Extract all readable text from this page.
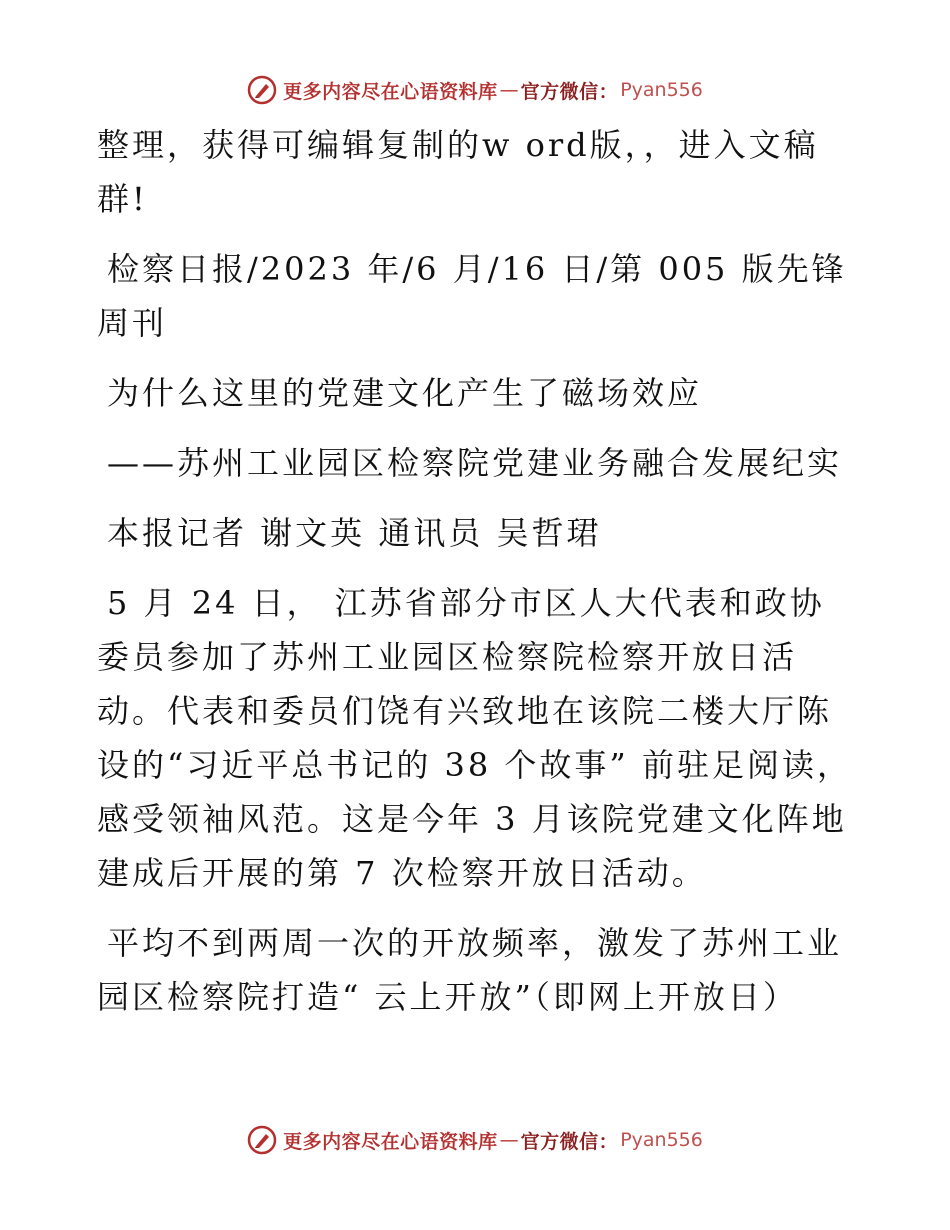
更多内容尽在心语资料库 — 官方微信： Pyan556

整理，获得可编辑复制的w ord版，，进入文稿群!

检察日报/2023 年/6 月/16 日/第 005 版先锋周刊

为什么这里的党建文化产生了磁场效应

——苏州工业园区检察院党建业务融合发展纪实

本报记者 谢文英 通讯员 吴哲珺

5 月 24 日， 江苏省部分市区人大代表和政协委员参加了苏州工业园区检察院检察开放日活动。代表和委员们饶有兴致地在该院二楼大厅陈设的“习近平总书记的 38 个故事” 前驻足阅读，感受领袖风范。这是今年 3 月该院党建文化阵地建成后开展的第 7 次检察开放日活动。

平均不到两周一次的开放频率，激发了苏州工业园区检察院打造“ 云上开放”（即网上开放日）

更多内容尽在心语资料库 — 官方微信： Pyan556
